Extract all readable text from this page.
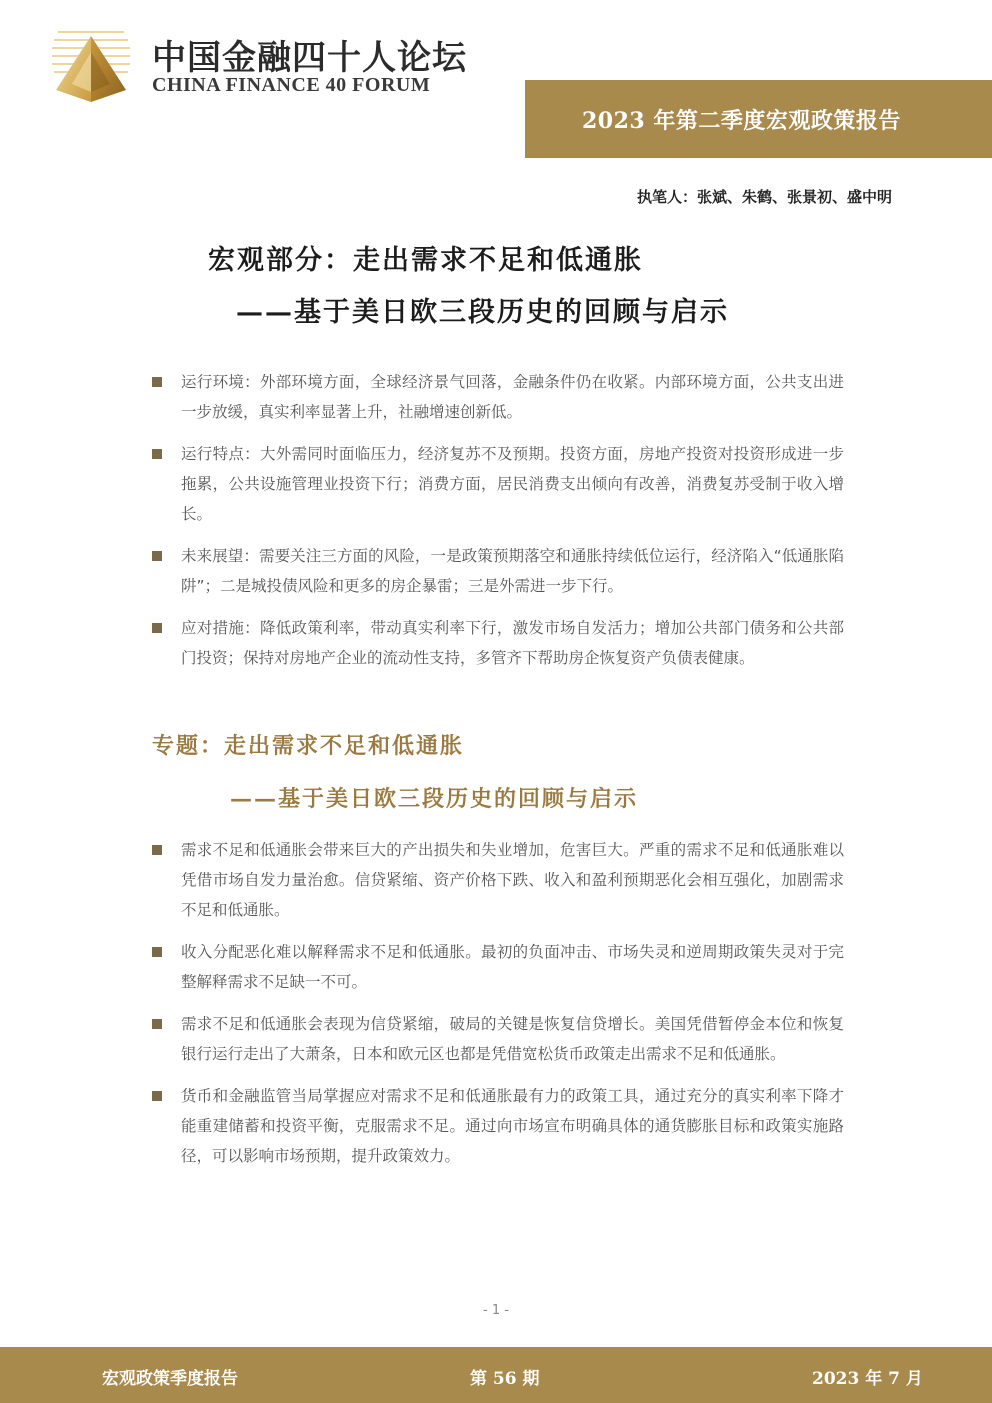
中国金融四十人论坛
CHINA FINANCE 40 FORUM
2023 年第二季度宏观政策报告
执笔人：张斌、朱鹤、张景初、盛中明
宏观部分：走出需求不足和低通胀
——基于美日欧三段历史的回顾与启示
运行环境：外部环境方面，全球经济景气回落，金融条件仍在收紧。内部环境方面，公共支出进一步放缓，真实利率显著上升，社融增速创新低。
运行特点：大外需同时面临压力，经济复苏不及预期。投资方面，房地产投资对投资形成进一步拖累，公共设施管理业投资下行；消费方面，居民消费支出倾向有改善，消费复苏受制于收入增长。
未来展望：需要关注三方面的风险，一是政策预期落空和通胀持续低位运行，经济陷入“低通胀陷阱”；二是城投债风险和更多的房企暴雷；三是外需进一步下行。
应对措施：降低政策利率，带动真实利率下行，激发市场自发活力；增加公共部门债务和公共部门投资；保持对房地产企业的流动性支持，多管齐下帮助房企恢复资产负债表健康。
专题：走出需求不足和低通胀
——基于美日欧三段历史的回顾与启示
需求不足和低通胀会带来巨大的产出损失和失业增加，危害巨大。严重的需求不足和低通胀难以凭借市场自发力量治愈。信贷紧缩、资产价格下跌、收入和盈利预期恶化会相互强化，加剧需求不足和低通胀。
收入分配恶化难以解释需求不足和低通胀。最初的负面冲击、市场失灵和逆周期政策失灵对于完整解释需求不足缺一不可。
需求不足和低通胀会表现为信贷紧缩，破局的关键是恢复信贷增长。美国凭借暂停金本位和恢复银行运行走出了大萧条，日本和欧元区也都是凭借宽松货币政策走出需求不足和低通胀。
货币和金融监管当局掌握应对需求不足和低通胀最有力的政策工具，通过充分的真实利率下降才能重建储蓄和投资平衡，克服需求不足。通过向市场宣布明确具体的通货膨胀目标和政策实施路径，可以影响市场预期，提升政策效力。
- 1 -
宏观政策季度报告	第 56 期	2023 年 7 月
